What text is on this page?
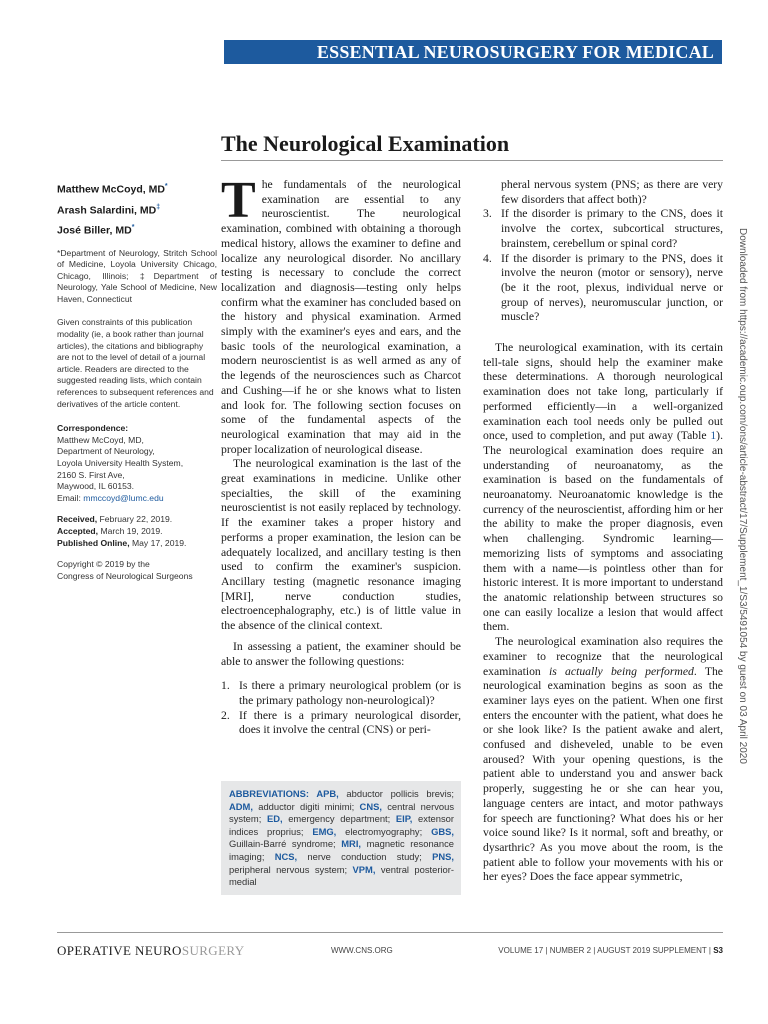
ESSENTIAL NEUROSURGERY FOR MEDICAL STUDENTS
The Neurological Examination
Matthew McCoyd, MD*
Arash Salardini, MD‡
José Biller, MD*

*Department of Neurology, Stritch School of Medicine, Loyola University Chicago, Chicago, Illinois; ‡Department of Neurology, Yale School of Medicine, New Haven, Connecticut

Given constraints of this publication modality (ie, a book rather than journal articles), the citations and bibliography are not to the level of detail of a journal article. Readers are directed to the suggested reading lists, which contain references to subsequent references and derivatives of the article content.

Correspondence:
Matthew McCoyd, MD,
Department of Neurology,
Loyola University Health System,
2160 S. First Ave,
Maywood, IL 60153.
Email: mmccoyd@lumc.edu
Received, February 22, 2019.
Accepted, March 19, 2019.
Published Online, May 17, 2019.
Copyright © 2019 by the
Congress of Neurological Surgeons

The fundamentals of the neurological examination are essential to any neuroscientist. The neurological examination, combined with obtaining a thorough medical history, allows the examiner to define and localize any neurological disorder. No ancillary testing is necessary to conclude the correct localization and diagnosis—testing only helps confirm what the examiner has concluded based on the history and physical examination. Armed simply with the examiner's eyes and ears, and the basic tools of the neurological examination, a modern neuroscientist is as well armed as any of the legends of the neurosciences such as Charcot and Cushing—if he or she knows what to listen and look for. The following section focuses on some of the fundamental aspects of the neurological examination that may aid in the proper localization of neurological disease.

The neurological examination is the last of the great examinations in medicine. Unlike other specialties, the skill of the examining neuroscientist is not easily replaced by technology. If the examiner takes a proper history and performs a proper examination, the lesion can be adequately localized, and ancillary testing is then used to confirm the examiner's suspicion. Ancillary testing (magnetic resonance imaging [MRI], nerve conduction studies, electroencephalography, etc.) is of little value in the absence of the clinical context.

In assessing a patient, the examiner should be able to answer the following questions:

1. Is there a primary neurological problem (or is the primary pathology non-neurological)?
2. If there is a primary neurological disorder, does it involve the central (CNS) or peri-
ABBREVIATIONS: APB, abductor pollicis brevis; ADM, adductor digiti minimi; CNS, central nervous system; ED, emergency department; EIP, extensor indices proprius; EMG, electromyography; GBS, Guillain-Barré syndrome; MRI, magnetic resonance imaging; NCS, nerve conduction study; PNS, peripheral nervous system; VPM, ventral posterior-medial
pheral nervous system (PNS; as there are very few disorders that affect both)?
3. If the disorder is primary to the CNS, does it involve the cortex, subcortical structures, brainstem, cerebellum or spinal cord?
4. If the disorder is primary to the PNS, does it involve the neuron (motor or sensory), nerve (be it the root, plexus, individual nerve or group of nerves), neuromuscular junction, or muscle?

The neurological examination, with its certain tell-tale signs, should help the examiner make these determinations. A thorough neurological examination does not take long, particularly if performed efficiently—in a well-organized examination each tool needs only be pulled out once, used to completion, and put away (Table 1). The neurological examination does require an understanding of neuroanatomy, as the examination is based on the fundamentals of neuroanatomy. Neuroanatomic knowledge is the currency of the neuroscientist, affording him or her the ability to make the proper diagnosis, even when challenging. Syndromic learning—memorizing lists of symptoms and associating them with a name—is pointless other than for historic interest. It is more important to understand the anatomic relationship between structures so one can easily localize a lesion that would affect them.

The neurological examination also requires the examiner to recognize that the neurological examination is actually being performed. The neurological examination begins as soon as the examiner lays eyes on the patient. When one first enters the encounter with the patient, what does he or she look like? Is the patient awake and alert, confused and disheveled, unable to be even aroused? With your opening questions, is the patient able to understand you and answer back properly, suggesting he or she can hear you, language centers are intact, and motor pathways for speech are functioning? What does his or her voice sound like? Is it normal, soft and breathy, or dysarthric? As you move about the room, is the patient able to follow your movements with his or her eyes? Does the face appear symmetric,

OPERATIVE NEUROSURGERY	WWW.CNS.ORG	VOLUME 17 | NUMBER 2 | AUGUST 2019 SUPPLEMENT | S3
Downloaded from https://academic.oup.com/ons/article-abstract/17/Supplement_1/S3/5491054 by guest on 03 April 2020
